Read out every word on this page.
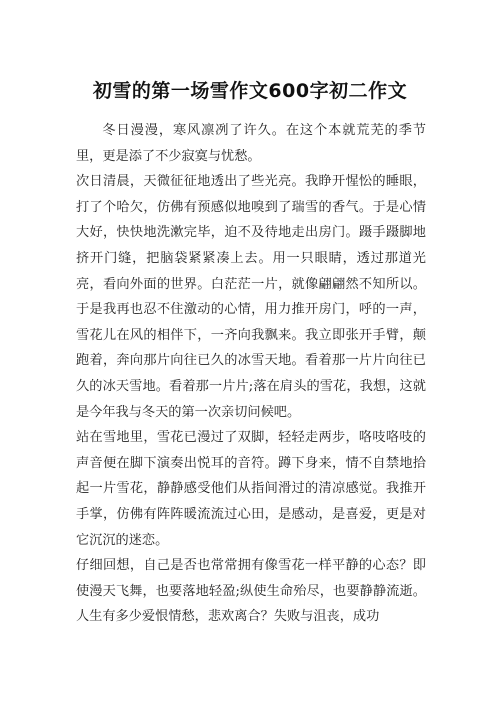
初雪的第一场雪作文600字初二作文

冬日漫漫，寒风凛冽了许久。在这个本就荒芜的季节里，更是添了不少寂寞与忧愁。

次日清晨，天微征征地透出了些光亮。我睁开惺忪的睡眼，打了个哈欠，仿佛有预感似地嗅到了瑞雪的香气。于是心情大好，快快地洗漱完毕，迫不及待地走出房门。蹑手蹑脚地挤开门缝，把脑袋紧紧凑上去。用一只眼睛，透过那道光亮，看向外面的世界。白茫茫一片，就像翩翩然不知所以。于是我再也忍不住激动的心情，用力推开房门，呼的一声，雪花儿在风的相伴下，一齐向我飘来。我立即张开手臂，颠跑着，奔向那片向往已久的冰雪天地。看着那一片片向往已久的冰天雪地。看着那一片片;落在肩头的雪花，我想，这就是今年我与冬天的第一次亲切问候吧。

站在雪地里，雪花已漫过了双脚，轻轻走两步，咯吱咯吱的声音便在脚下演奏出悦耳的音符。蹲下身来，情不自禁地拾起一片雪花，静静感受他们从指间滑过的清凉感觉。我推开手掌，仿佛有阵阵暖流流过心田，是感动，是喜爱，更是对它沉沉的迷恋。

仔细回想，自己是否也常常拥有像雪花一样平静的心态？即使漫天飞舞，也要落地轻盈;纵使生命殆尽，也要静静流逝。人生有多少爱恨情愁，悲欢离合？失败与沮丧，成功
